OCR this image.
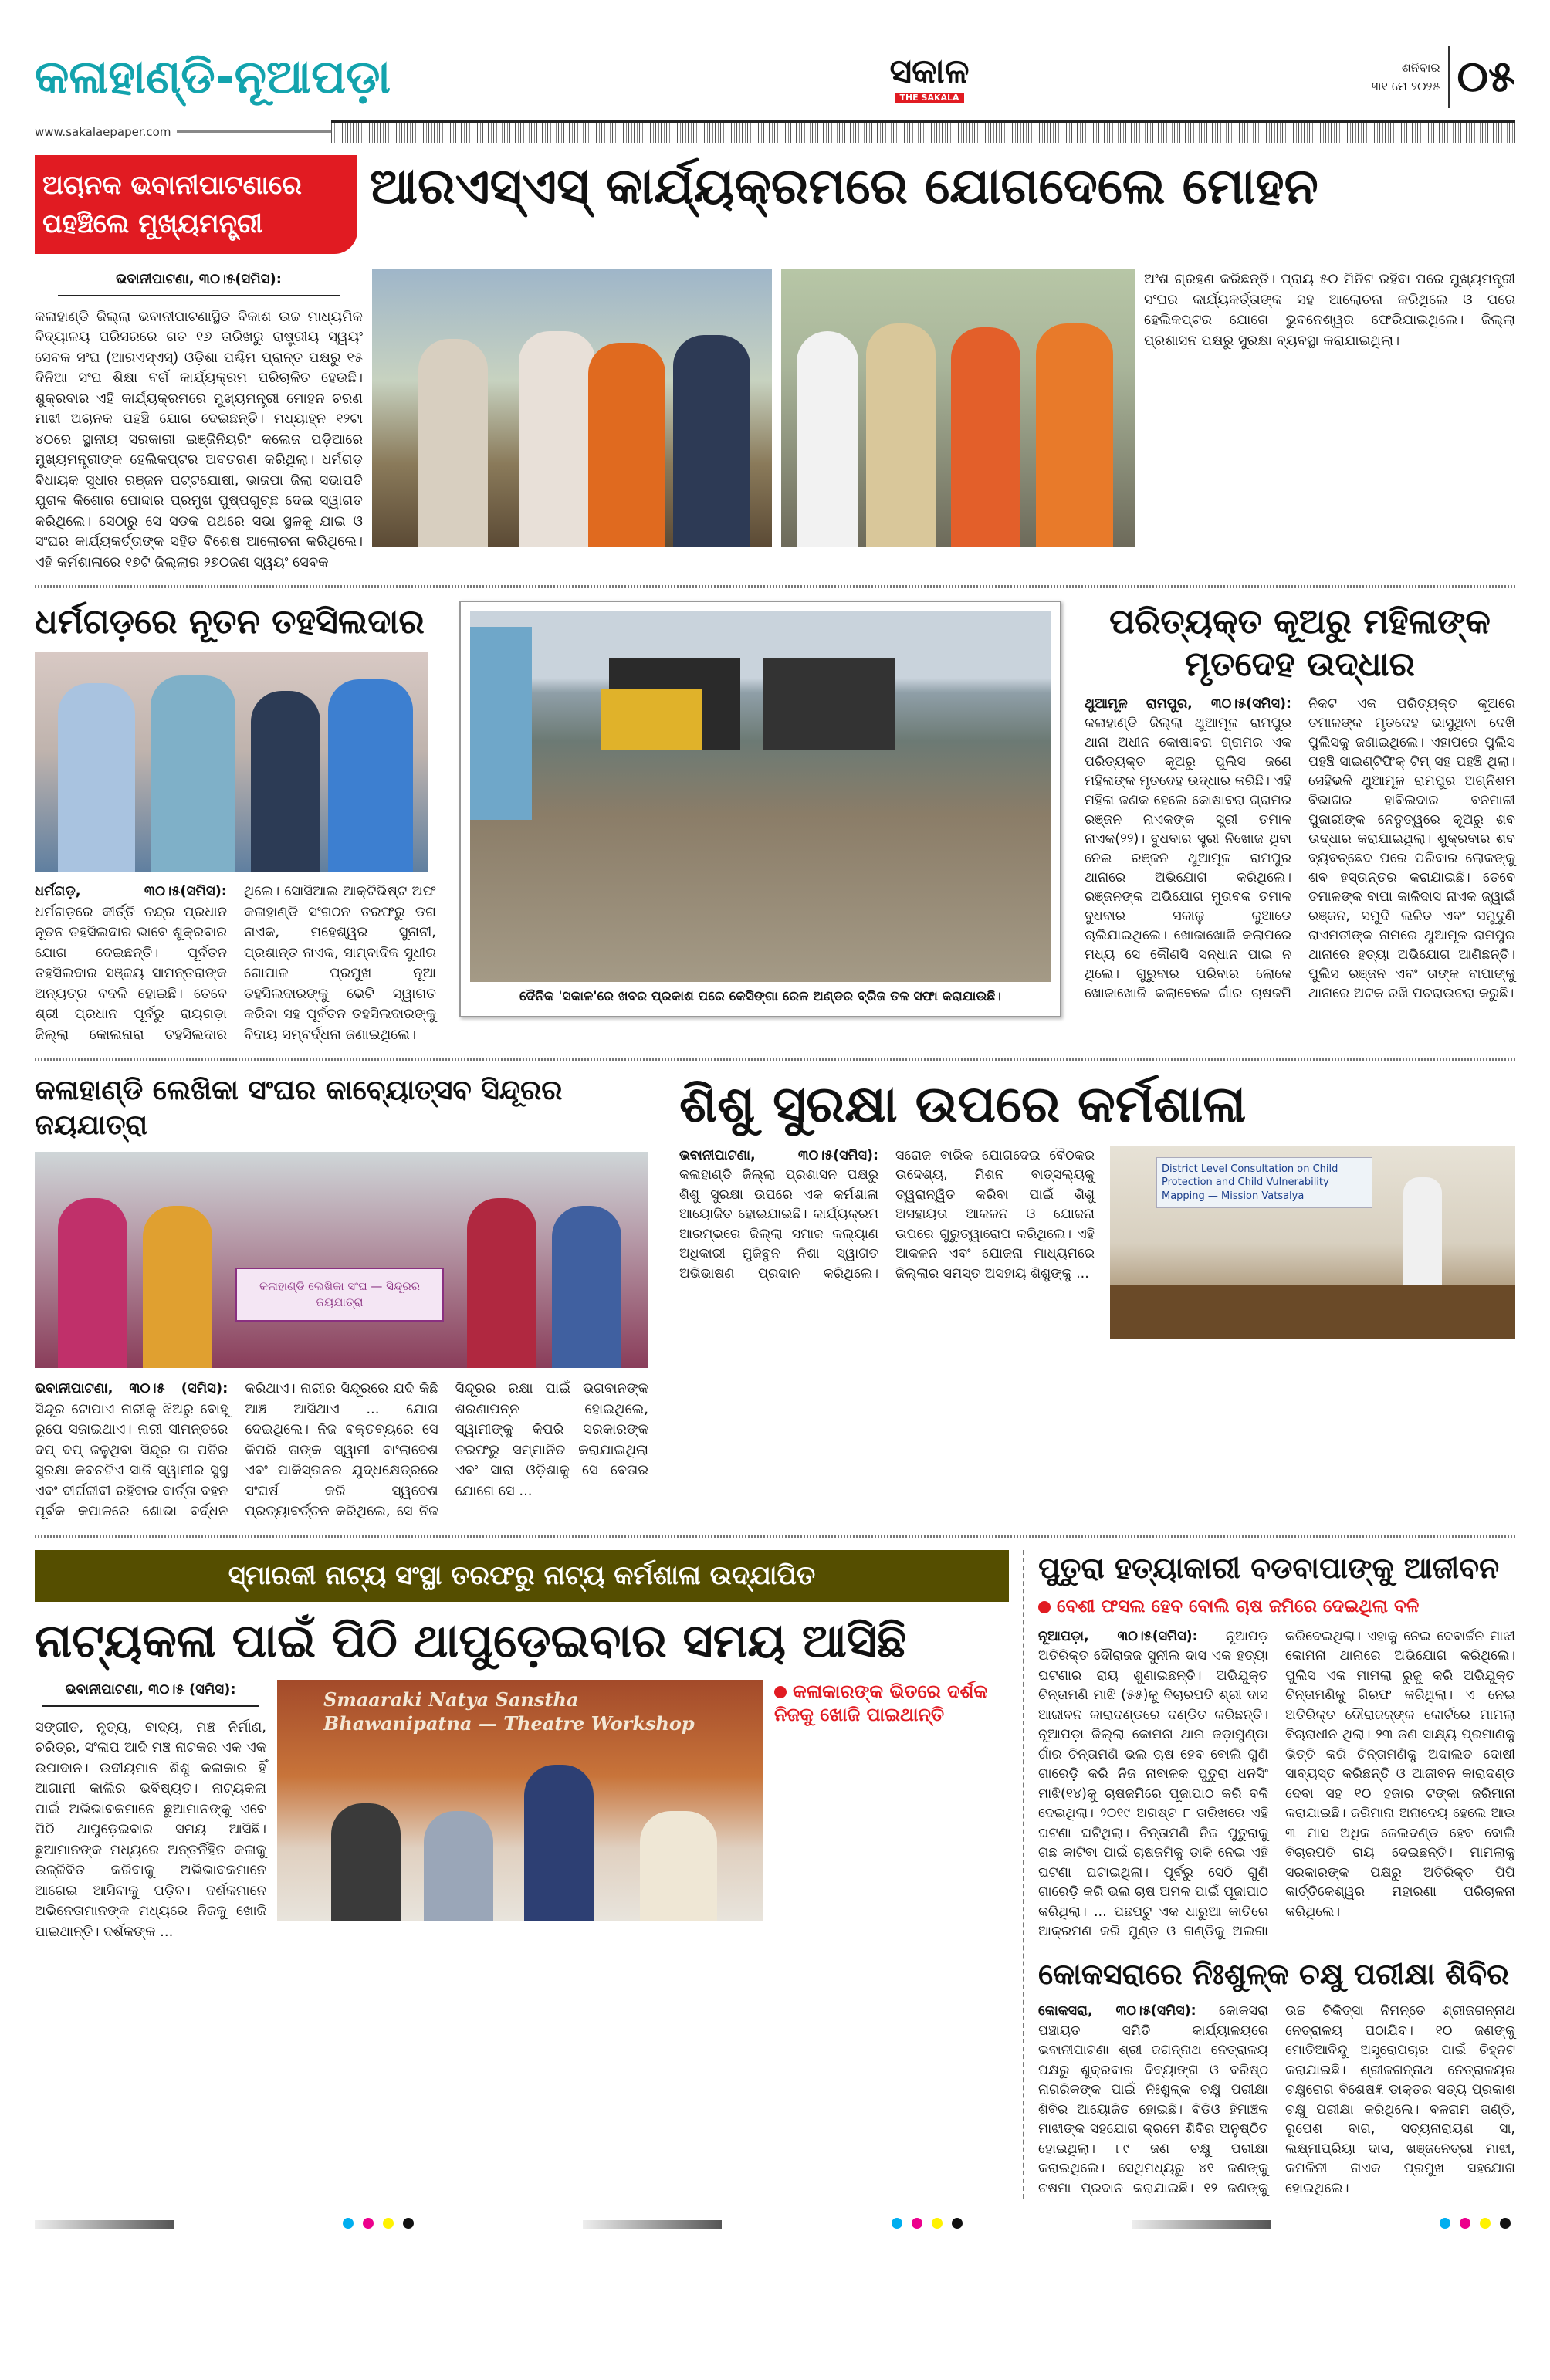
କଳାହାଣ୍ଡି-ନୂଆପଡ଼ା	ସକାଳ
THE SAKALA
ଶନିବାର
୩୧ ମେ ୨୦୨୫ ୦୫
www.sakalaepaper.com
ଅଚାନକ ଭବାନୀପାଟଣାରେ ପହଞ୍ଚିଲେ ମୁଖ୍ୟମନ୍ତ୍ରୀ
ଆରଏସ୍‌ଏସ୍ କାର୍ଯ୍ୟକ୍ରମରେ ଯୋଗଦେଲେ ମୋହନ
ଭବାନୀପାଟଣା, ୩୦।୫(ସମିସ):
କଳାହାଣ୍ଡି ଜିଲ୍ଲା ଭବାନୀପାଟଣାସ୍ଥିତ ବିକାଶ ଉଚ୍ଚ ମାଧ୍ୟମିକ ବିଦ୍ୟାଳୟ ପରିସରରେ ଗତ ୧୬ ତାରିଖରୁ ରାଷ୍ଟ୍ରୀୟ ସ୍ୱୟଂ ସେବକ ସଂଘ (ଆରଏସ୍‌ଏସ୍) ଓଡ଼ିଶା ପଶ୍ଚିମ ପ୍ରାନ୍ତ ପକ୍ଷରୁ ୧୫ ଦିନିଆ ସଂଘ ଶିକ୍ଷା ବର୍ଗ କାର୍ଯ୍ୟକ୍ରମ ପରିଚାଳିତ ହେଉଛି। ଶୁକ୍ରବାର ଏହି କାର୍ଯ୍ୟକ୍ରମରେ ମୁଖ୍ୟମନ୍ତ୍ରୀ ମୋହନ ଚରଣ ମାଝୀ ଅଚାନକ ପହଞ୍ଚି ଯୋଗ ଦେଇଛନ୍ତି। ମଧ୍ୟାହ୍ନ ୧୨ଟା ୪୦ରେ ସ୍ଥାନୀୟ ସରକାରୀ ଇଞ୍ଜିନିୟରିଂ କଲେଜ ପଡ଼ିଆରେ ମୁଖ୍ୟମନ୍ତ୍ରୀଙ୍କ ହେଲିକପ୍ଟର ଅବତରଣ କରିଥିଲା। ଧର୍ମଗଡ଼ ବିଧାୟକ ସୁଧୀର ରଞ୍ଜନ ପଟ୍ଟଯୋଷୀ, ଭାଜପା ଜିଲା ସଭାପତି ଯୁଗଳ କିଶୋର ପୋଦ୍ଦାର ପ୍ରମୁଖ ପୁଷ୍ପଗୁଚ୍ଛ ଦେଇ ସ୍ୱାଗତ କରିଥିଲେ। ସେଠାରୁ ସେ ସଡକ ପଥରେ ସଭା ସ୍ଥଳକୁ ଯାଇ ଓ ସଂଘର କାର୍ଯ୍ୟକର୍ତ୍ତାଙ୍କ ସହିତ ବିଶେଷ ଆଲୋଚନା କରିଥିଲେ। ଏହି କର୍ମଶାଳାରେ ୧୭ଟି ଜିଲ୍ଲାର ୨୭୦ଜଣ ସ୍ୱୟଂ ସେବକ
ଅଂଶ ଗ୍ରହଣ କରିଛନ୍ତି। ପ୍ରାୟ ୫୦ ମିନିଟ ରହିବା ପରେ ମୁଖ୍ୟମନ୍ତ୍ରୀ ସଂଘର କାର୍ଯ୍ୟକର୍ତ୍ତାଙ୍କ ସହ ଆଲୋଚନା କରିଥିଲେ ଓ ପରେ ହେଲିକପ୍ଟର ଯୋଗେ ଭୁବନେଶ୍ୱର ଫେରିଯାଇଥିଲେ। ଜିଲ୍ଲା ପ୍ରଶାସନ ପକ୍ଷରୁ ସୁରକ୍ଷା ବ୍ୟବସ୍ଥା କରାଯାଇଥିଲା।
ଧର୍ମଗଡ଼ରେ ନୂତନ ତହସିଲଦାର
ଧର୍ମଗଡ଼, ୩୦।୫(ସମିସ): ଧର୍ମଗଡ଼ରେ କୀର୍ତ୍ତି ଚନ୍ଦ୍ର ପ୍ରଧାନ ନୂତନ ତହସିଲଦାର ଭାବେ ଶୁକ୍ରବାର ଯୋଗ ଦେଇଛନ୍ତି। ପୂର୍ବତନ ତହସିଲଦାର ସଞ୍ଜୟ ସାମନ୍ତରାଙ୍କ ଅନ୍ୟତ୍ର ବଦଳି ହୋଇଛି। ତେବେ ଶ୍ରୀ ପ୍ରଧାନ ପୂର୍ବରୁ ରାୟଗଡ଼ା ଜିଲ୍ଲା କୋଲନାରା ତହସିଲଦାର ଥିଲେ। ସୋସିଆଲ ଆକ୍ଟିଭିଷ୍ଟ ଅଫ କଳାହାଣ୍ଡି ସଂଗଠନ ତରଫରୁ ଡଗ ନାଏକ, ମହେଶ୍ୱର ସୁନାନୀ, ପ୍ରଶାନ୍ତ ନାଏକ, ସାମ୍ବାଦିକ ସୁଧୀର ଗୋପାଳ ପ୍ରମୁଖ ନୂଆ ତହସିଲଦାରଙ୍କୁ ଭେଟି ସ୍ୱାଗତ କରିବା ସହ ପୂର୍ବତନ ତହସିଲଦାରଙ୍କୁ ବିଦାୟ ସମ୍ବର୍ଦ୍ଧନା ଜଣାଇଥିଲେ।
ଦୈନିକ 'ସକାଳ'ରେ ଖବର ପ୍ରକାଶ ପରେ କେସିଙ୍ଗା ରେଳ ଅଣ୍ଡର ବ୍ରିଜ ତଳ ସଫା କରାଯାଉଛି।
ପରିତ୍ୟକ୍ତ କୂଅରୁ ମହିଳାଙ୍କ ମୃତଦେହ ଉଦ୍ଧାର
ଥୁଆମୂଳ ରାମପୁର, ୩୦।୫(ସମିସ): କଳାହାଣ୍ଡି ଜିଲ୍ଲା ଥୁଆମୂଳ ରାମପୁର ଥାନା ଅଧୀନ କୋଷାବରା ଗ୍ରାମର ଏକ ପରିତ୍ୟକ୍ତ କୂଅରୁ ପୁଲିସ ଜଣେ ମହିଳାଙ୍କ ମୃତଦେହ ଉଦ୍ଧାର କରିଛି। ଏହି ମହିଳା ଜଣକ ହେଲେ କୋଷାବରା ଗ୍ରାମର ରଞ୍ଜନ ନାଏକଙ୍କ ସ୍ତ୍ରୀ ତମାଳ ନାଏକ(୨୨)। ବୁଧବାର ସ୍ତ୍ରୀ ନିଖୋଜ ଥିବା ନେଇ ରଞ୍ଜନ ଥୁଆମୂଳ ରାମପୁର ଥାନାରେ ଅଭିଯୋଗ କରିଥିଲେ। ରଞ୍ଜନଙ୍କ ଅଭିଯୋଗ ମୁତାବକ ତମାଳ ବୁଧବାର ସକାଳୁ କୁଆଡେ ଚାଲିଯାଇଥିଲେ। ଖୋଜାଖୋଜି କଲାପରେ ମଧ୍ୟ ସେ କୌଣସି ସନ୍ଧାନ ପାଇ ନ ଥିଲେ। ଗୁରୁବାର ପରିବାର ଲୋକେ ଖୋଜାଖୋଜି କଲାବେଳେ ଗାଁର ଚାଷଜମି ନିକଟ ଏକ ପରିତ୍ୟକ୍ତ କୂଅରେ ତମାଳଙ୍କ ମୃତଦେହ ଭାସୁଥିବା ଦେଖି ପୁଲିସକୁ ଜଣାଇଥିଲେ। ଏହାପରେ ପୁଲିସ ପହଞ୍ଚି ସାଇଣ୍ଟିଫିକ୍ ଟିମ୍ ସହ ପହଞ୍ଚି ଥିଲା। ସେହିଭଳି ଥୁଆମୂଳ ରାମପୁର ଅଗ୍ନିଶମ ବିଭାଗର ହାବିଲଦାର ବନମାଳୀ ପୁଜାରୀଙ୍କ ନେତୃତ୍ୱରେ କୂଅରୁ ଶବ ଉଦ୍ଧାର କରାଯାଇଥିଲା। ଶୁକ୍ରବାର ଶବ ବ୍ୟବଚ୍ଛେଦ ପରେ ପରିବାର ଲୋକଙ୍କୁ ଶବ ହସ୍ତାନ୍ତର କରାଯାଇଛି। ତେବେ ତମାଳଙ୍କ ବାପା କାଳିଦାସ ନାଏକ ଜ୍ୱାଇଁ ରଞ୍ଜନ, ସମୁଦି ଲଳିତ ଏବଂ ସମୁଦୁଣି ରାଏମତୀଙ୍କ ନାମରେ ଥୁଆମୂଳ ରାମପୁର ଥାନାରେ ହତ୍ୟା ଅଭିଯୋଗ ଆଣିଛନ୍ତି। ପୁଲିସ ରଞ୍ଜନ ଏବଂ ତାଙ୍କ ବାପାଙ୍କୁ ଥାନାରେ ଅଟକ ରଖି ପଚରାଉଚରା କରୁଛି।
କଳାହାଣ୍ଡି ଲେଖିକା ସଂଘର କାବ୍ୟୋତ୍ସବ ସିନ୍ଦୂରର ଜୟଯାତ୍ରା
କଳାହାଣ୍ଡି ଲେଖିକା ସଂଘ — ସିନ୍ଦୂରର ଜୟଯାତ୍ରା
ଭବାନୀପାଟଣା, ୩୦।୫ (ସମିସ): ସିନ୍ଦୂର ଟୋପାଏ ନାରୀକୁ ଝିଅରୁ ବୋହୂ ରୂପେ ସଜାଇଥାଏ। ନାରୀ ସୀମନ୍ତରେ ଦପ୍ ଦପ୍ ଜଳୁଥିବା ସିନ୍ଦୂର ତା ପତିର ସୁରକ୍ଷା କବଚଟିଏ ସାଜି ସ୍ୱାମୀର ସୁସ୍ଥ ଏବଂ ଦୀର୍ଘଜୀବୀ ରହିବାର ବାର୍ତ୍ତା ବହନ ପୂର୍ବକ କପାଳରେ ଶୋଭା ବର୍ଦ୍ଧନ କରିଥାଏ। ନାରୀର ସିନ୍ଦୂରରେ ଯଦି କିଛି ଆଞ୍ଚ ଆସିଥାଏ ... ଯୋଗ ଦେଇଥିଲେ। ନିଜ ବକ୍ତବ୍ୟରେ ସେ କିପରି ତାଙ୍କ ସ୍ୱାମୀ ବାଂଲାଦେଶ ଏବଂ ପାକିସ୍ତାନର ଯୁଦ୍ଧକ୍ଷେତ୍ରରେ ସଂଘର୍ଷ କରି ସ୍ୱଦେଶ ପ୍ରତ୍ୟାବର୍ତ୍ତନ କରିଥିଲେ, ସେ ନିଜ ସିନ୍ଦୂରର ରକ୍ଷା ପାଇଁ ଭଗବାନଙ୍କ ଶରଣାପନ୍ନ ହୋଇଥିଲେ, ସ୍ୱାମୀଙ୍କୁ କିପରି ସରକାରଙ୍କ ତରଫରୁ ସମ୍ମାନିତ କରାଯାଇଥିଲା ଏବଂ ସାରା ଓଡ଼ିଶାକୁ ସେ ବେତାର ଯୋଗେ ସେ ...
ଶିଶୁ ସୁରକ୍ଷା ଉପରେ କର୍ମଶାଳା
ଭବାନୀପାଟଣା, ୩୦।୫(ସମିସ): କଳାହାଣ୍ଡି ଜିଲ୍ଲା ପ୍ରଶାସନ ପକ୍ଷରୁ ଶିଶୁ ସୁରକ୍ଷା ଉପରେ ଏକ କର୍ମଶାଳା ଆୟୋଜିତ ହୋଇଯାଇଛି। କାର୍ଯ୍ୟକ୍ରମ ଆରମ୍ଭରେ ଜିଲ୍ଲା ସମାଜ କଲ୍ୟାଣ ଅଧିକାରୀ ମୁଜିବୁନ ନିଶା ସ୍ୱାଗତ ଅଭିଭାଷଣ ପ୍ରଦାନ କରିଥିଲେ। ସରୋଜ ବାରିକ ଯୋଗଦେଇ ବୈଠକର ଉଦ୍ଦେଶ୍ୟ, ମିଶନ ବାତ୍ସଲ୍ୟକୁ ତ୍ୱରାନ୍ୱିତ କରିବା ପାଇଁ ଶିଶୁ ଅସହାୟତା ଆକଳନ ଓ ଯୋଜନା ଉପରେ ଗୁରୁତ୍ୱାରୋପ କରିଥିଲେ। ଏହି ଆକଳନ ଏବଂ ଯୋଜନା ମାଧ୍ୟମରେ ଜିଲ୍ଲାର ସମସ୍ତ ଅସହାୟ ଶିଶୁଙ୍କୁ ...
District Level Consultation on Child Protection and Child Vulnerability Mapping — Mission Vatsalya
ସ୍ମାରକୀ ନାଟ୍ୟ ସଂସ୍ଥା ତରଫରୁ ନାଟ୍ୟ କର୍ମଶାଳା ଉଦ୍‌ଯାପିତ
ନାଟ୍ୟକଳା ପାଇଁ ପିଠି ଥାପୁଡ଼େଇବାର ସମୟ ଆସିଛି
ଭବାନୀପାଟଣା, ୩୦।୫ (ସମିସ):
ସଙ୍ଗୀତ, ନୃତ୍ୟ, ବାଦ୍ୟ, ମଞ୍ଚ ନିର୍ମାଣ, ଚରିତ୍ର, ସଂଳାପ ଆଦି ମଞ୍ଚ ନାଟକର ଏକ ଏକ ଉପାଦାନ। ଉଦୀୟମାନ ଶିଶୁ କଳାକାର ହିଁ ଆଗାମୀ କାଲିର ଭବିଷ୍ୟତ। ନାଟ୍ୟକଳା ପାଇଁ ଅଭିଭାବକମାନେ ଛୁଆମାନଙ୍କୁ ଏବେ ପିଠି ଥାପୁଡ଼େଇବାର ସମୟ ଆସିଛି। ଛୁଆମାନଙ୍କ ମଧ୍ୟରେ ଅନ୍ତର୍ନିହିତ କଳାକୁ ଉଜ୍ଜିବିତ କରିବାକୁ ଅଭିଭାବକମାନେ ଆଗେଇ ଆସିବାକୁ ପଡ଼ିବ। ଦର୍ଶକମାନେ ଅଭିନେତାମାନଙ୍କ ମଧ୍ୟରେ ନିଜକୁ ଖୋଜି ପାଇଥାନ୍ତି। ଦର୍ଶକଙ୍କ ...
Smaaraki Natya Sanstha Bhawanipatna — Theatre Workshop
କଳାକାରଙ୍କ ଭିତରେ ଦର୍ଶକ ନିଜକୁ ଖୋଜି ପାଇଥାନ୍ତି
ପୁତୁରା ହତ୍ୟାକାରୀ ବଡବାପାଙ୍କୁ ଆଜୀବନ
ବେଶୀ ଫସଲ ହେବ ବୋଲି ଚାଷ ଜମିରେ ଦେଇଥିଲା ବଳି
ନୂଆପଡ଼ା, ୩୦।୫(ସମିସ): ନୂଆପଡ଼ ଅତିରିକ୍ତ ଦୌରାଜଜ ସୁନୀଲ ଦାସ ଏକ ହତ୍ୟା ଘଟଣାର ରାୟ ଶୁଣାଇଛନ୍ତି। ଅଭିଯୁକ୍ତ ଚିନ୍ତାମଣି ମାଝି (୫୫)କୁ ବିଚାରପତି ଶ୍ରୀ ଦାସ ଆଜୀବନ କାରାଦଣ୍ଡରେ ଦଣ୍ଡିତ କରିଛନ୍ତି। ନୂଆପଡ଼ା ଜିଲ୍ଲା କୋମନା ଥାନା ଜଡ଼ାମୁଣ୍ଡା ଗାଁର ଚିନ୍ତାମଣି ଭଲ ଚାଷ ହେବ ବୋଲି ଗୁଣି ଗାରେଡ଼ି କରି ନିଜ ନାବାଳକ ପୁତୁରା ଧନସିଂ ମାଝି(୧୪)କୁ ଚାଷଜମିରେ ପୂଜାପାଠ କରି ବଳି ଦେଇଥିଲା। ୨୦୧୯ ଅଗଷ୍ଟ ୮ ତାରିଖରେ ଏହି ଘଟଣା ଘଟିଥିଲା। ଚିନ୍ତାମଣି ନିଜ ପୁତୁରାକୁ ଗଛ କାଟିବା ପାଇଁ ଚାଷଜମିକୁ ଡାକି ନେଇ ଏହି ଘଟଣା ଘଟାଇଥିଲା। ପୂର୍ବରୁ ସେଠି ଗୁଣି ଗାରେଡ଼ି କରି ଭଲ ଚାଷ ଅମଳ ପାଇଁ ପୂଜାପାଠ କରିଥିଲା। ... ପଛପଟୁ ଏକ ଧାରୁଆ କାତିରେ ଆକ୍ରମଣ କରି ମୁଣ୍ଡ ଓ ଗଣ୍ଡିକୁ ଅଲଗା କରିଦେଇଥିଲା। ଏହାକୁ ନେଇ ଦେବାର୍ଚ୍ଚନ ମାଝୀ କୋମନା ଥାନାରେ ଅଭିଯୋଗ କରିଥିଲେ। ପୁଲିସ ଏକ ମାମଲା ରୁଜୁ କରି ଅଭିଯୁକ୍ତ ଚିନ୍ତାମଣିକୁ ଗିରଫ କରିଥିଲା। ଏ ନେଇ ଅତିରିକ୍ତ ଦୌରାଜଜ୍‌ଙ୍କ କୋର୍ଟରେ ମାମଲା ବିଚାରାଧୀନ ଥିଲା। ୨୩ ଜଣ ସାକ୍ଷ୍ୟ ପ୍ରମାଣକୁ ଭିତ୍ତି କରି ଚିନ୍ତାମଣିକୁ ଅଦାଲତ ଦୋଷୀ ସାବ୍ୟସ୍ତ କରିଛନ୍ତି ଓ ଆଜୀବନ କାରାଦଣ୍ଡ ଦେବା ସହ ୧୦ ହଜାର ଟଙ୍କା ଜରିମାନା କରାଯାଇଛି। ଜରିମାନା ଅନାଦେୟ ହେଲେ ଆଉ ୩ ମାସ ଅଧିକ ଜେଲଦଣ୍ଡ ହେବ ବୋଲି ବିଚାରପତି ରାୟ ଦେଇଛନ୍ତି। ମାମଲାକୁ ସରକାରଙ୍କ ପକ୍ଷରୁ ଅତିରିକ୍ତ ପିପି କାର୍ତ୍ତିକେଶ୍ୱର ମହାରଣା ପରିଚାଳନା କରିଥିଲେ।
କୋକସରାରେ ନିଃଶୁଳ୍କ ଚକ୍ଷୁ ପରୀକ୍ଷା ଶିବିର
କୋକସରା, ୩୦।୫(ସମିସ): କୋକସରା ପଞ୍ଚାୟତ ସମିତି କାର୍ଯ୍ୟାଳୟରେ ଭବାନୀପାଟଣା ଶ୍ରୀ ଜଗନ୍ନାଥ ନେତ୍ରାଳୟ ପକ୍ଷରୁ ଶୁକ୍ରବାର ଦିବ୍ୟାଙ୍ଗ ଓ ବରିଷ୍ଠ ନାଗରିକଙ୍କ ପାଇଁ ନିଃଶୁଳ୍କ ଚକ୍ଷୁ ପରୀକ୍ଷା ଶିବିର ଆୟୋଜିତ ହୋଇଛି। ବିଡିଓ ହିମାଞ୍ଚଳ ମାଝୀଙ୍କ ସହଯୋଗ କ୍ରମେ ଶିବିର ଅନୁଷ୍ଠିତ ହୋଇଥିଲା। ୮୯ ଜଣ ଚକ୍ଷୁ ପରୀକ୍ଷା କରାଇଥିଲେ। ସେଥିମଧ୍ୟରୁ ୪୧ ଜଣଙ୍କୁ ଚଷମା ପ୍ରଦାନ କରାଯାଇଛି। ୧୨ ଜଣଙ୍କୁ ଉଚ୍ଚ ଚିକିତ୍ସା ନିମନ୍ତେ ଶ୍ରୀଜଗନ୍ନାଥ ନେତ୍ରାଳୟ ପଠାଯିବ। ୧୦ ଜଣଙ୍କୁ ମୋତିଆବିନ୍ଦୁ ଅସ୍ତ୍ରୋପଚାର ପାଇଁ ଚିହ୍ନଟ କରାଯାଇଛି। ଶ୍ରୀଜଗନ୍ନାଥ ନେତ୍ରାଳୟର ଚକ୍ଷୁରୋଗ ବିଶେଷଜ୍ଞ ଡାକ୍ତର ସତ୍ୟ ପ୍ରକାଶ ଚକ୍ଷୁ ପରୀକ୍ଷା କରିଥିଲେ। ବଳରାମ ତାଣ୍ଡି, ରୂପେଶ ବାଗ, ସତ୍ୟନାରାୟଣ ସା, ଲକ୍ଷ୍ମୀପ୍ରିୟା ଦାସ, ଖଞ୍ଜନେତ୍ରୀ ମାଝୀ, କମଳିନୀ ନାଏକ ପ୍ରମୁଖ ସହଯୋଗ ହୋଇଥିଲେ।
